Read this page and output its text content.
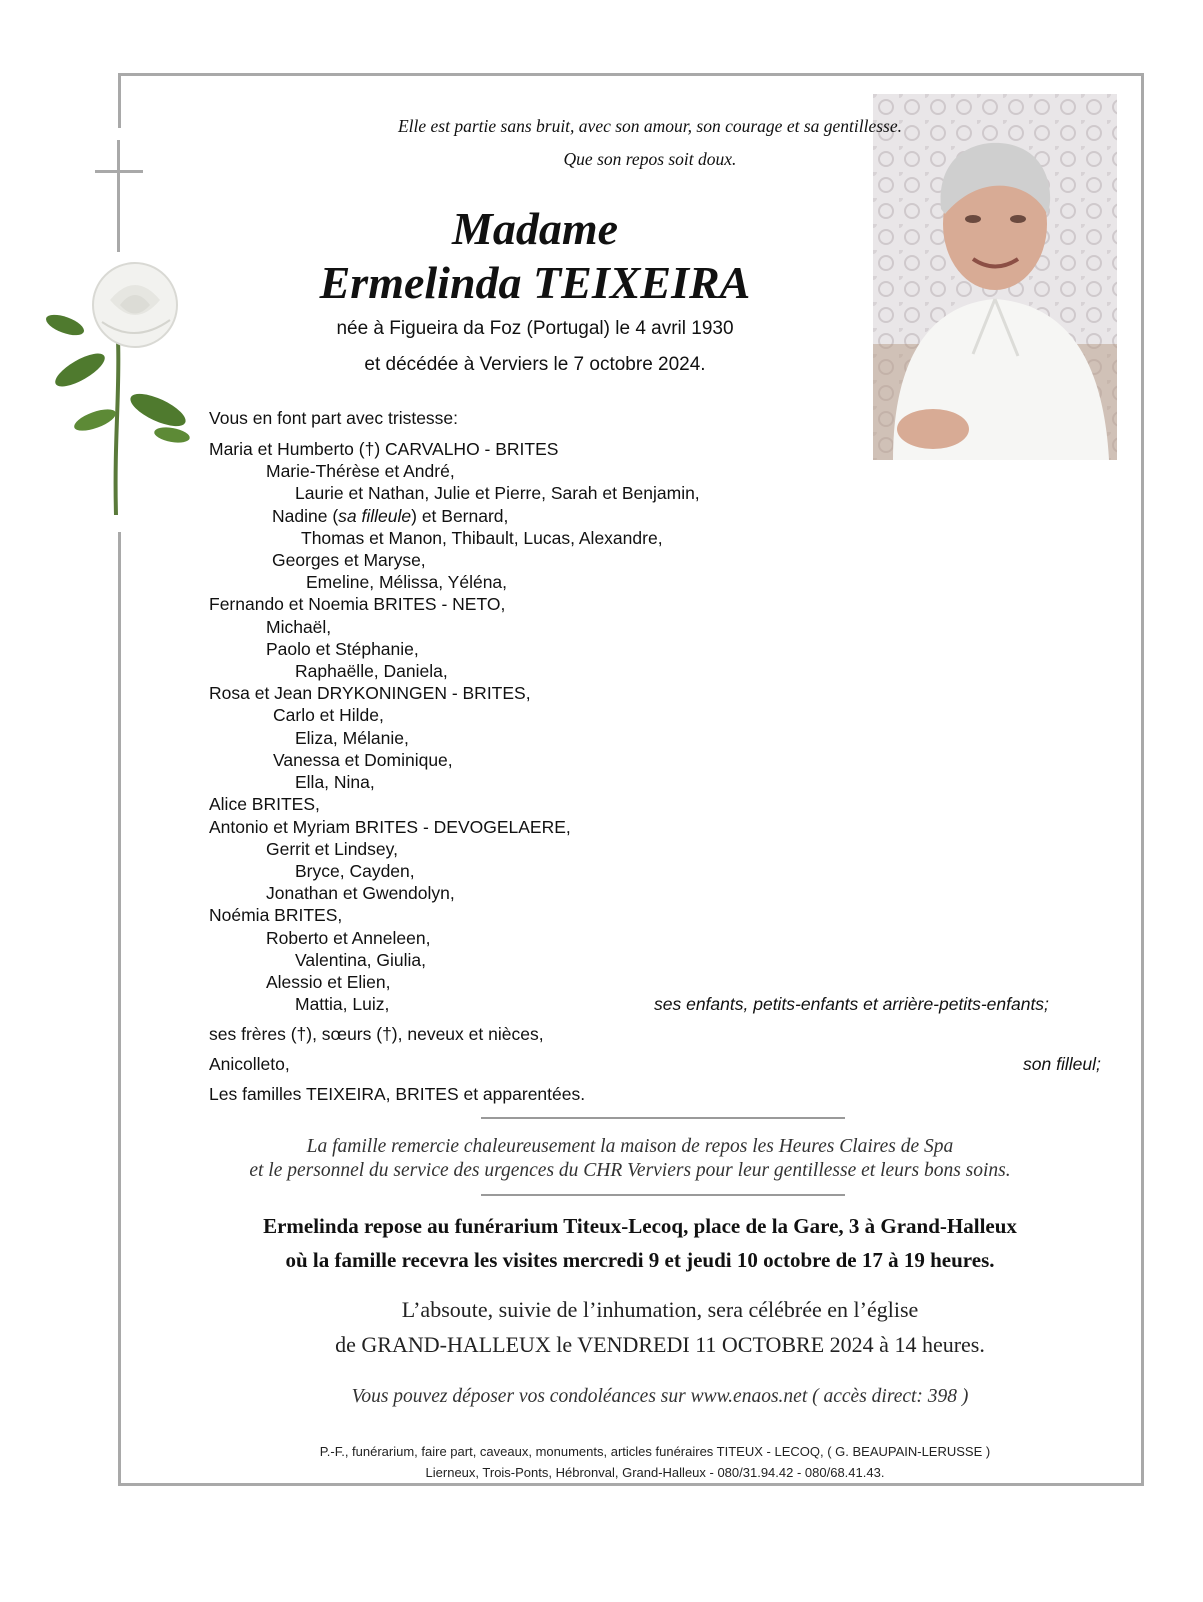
Elle est partie sans bruit, avec son amour, son courage et sa gentillesse.
Que son repos soit doux.
Madame
Ermelinda TEIXEIRA
née à Figueira da Foz (Portugal) le 4 avril 1930
et décédée à Verviers le 7 octobre 2024.
Vous en font part avec tristesse:
Maria et Humberto (†) CARVALHO - BRITES
Marie-Thérèse et André,
Laurie et Nathan, Julie et Pierre, Sarah et Benjamin,
Nadine (sa filleule) et Bernard,
Thomas et Manon, Thibault, Lucas, Alexandre,
Georges et Maryse,
Emeline, Mélissa, Yéléna,
Fernando et Noemia BRITES - NETO,
Michaël,
Paolo et Stéphanie,
Raphaëlle, Daniela,
Rosa et Jean DRYKONINGEN - BRITES,
Carlo et Hilde,
Eliza, Mélanie,
Vanessa et Dominique,
Ella, Nina,
Alice BRITES,
Antonio et Myriam BRITES - DEVOGELAERE,
Gerrit et Lindsey,
Bryce, Cayden,
Jonathan et Gwendolyn,
Noémia BRITES,
Roberto et Anneleen,
Valentina, Giulia,
Alessio et Elien,
Mattia, Luiz,	ses enfants, petits-enfants et arrière-petits-enfants;
ses frères (†), sœurs (†), neveux et nièces,
Anicolleto,	son filleul;
Les familles TEIXEIRA, BRITES et apparentées.
La famille remercie chaleureusement la maison de repos les Heures Claires de Spa
et le personnel du service des urgences du CHR Verviers pour leur gentillesse et leurs bons soins.
Ermelinda repose au funérarium Titeux-Lecoq, place de la Gare, 3 à Grand-Halleux
où la famille recevra les visites mercredi 9 et jeudi 10 octobre de 17 à 19 heures.
L’absoute, suivie de l’inhumation, sera célébrée en l’église
de GRAND-HALLEUX le VENDREDI 11 OCTOBRE 2024 à 14 heures.
Vous pouvez déposer vos condoléances sur www.enaos.net ( accès direct: 398 )
P.-F., funérarium, faire part, caveaux, monuments, articles funéraires TITEUX - LECOQ, ( G. BEAUPAIN-LERUSSE )
Lierneux, Trois-Ponts, Hébronval, Grand-Halleux - 080/31.94.42 - 080/68.41.43.
